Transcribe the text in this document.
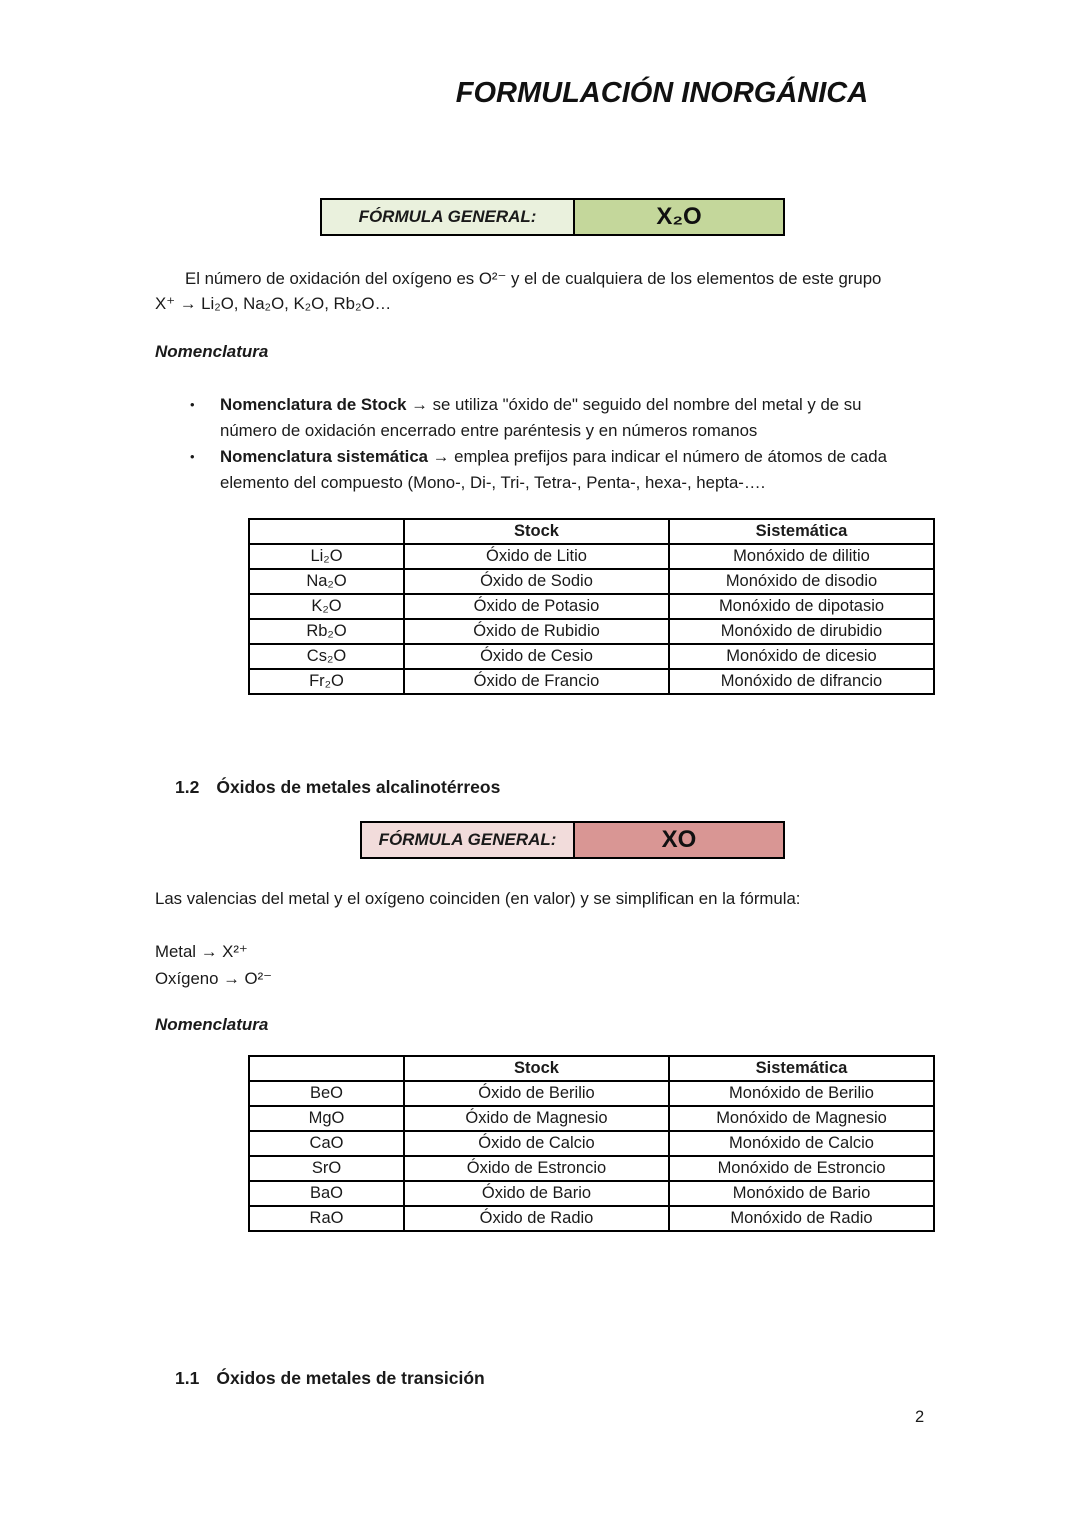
FORMULACIÓN INORGÁNICA
FÓRMULA GENERAL:	X₂O

El número de oxidación del oxígeno es O²⁻ y el de cualquiera de los elementos de este grupo X⁺ → Li₂O, Na₂O, K₂O, Rb₂O…

Nomenclatura
•	Nomenclatura de Stock → se utiliza "óxido de" seguido del nombre del metal y de su número de oxidación encerrado entre paréntesis y en números romanos
•	Nomenclatura sistemática → emplea prefijos para indicar el número de átomos de cada elemento del compuesto (Mono-, Di-, Tri-, Tetra-, Penta-, hexa-, hepta-….
	Stock	Sistemática
Li₂O	Óxido de Litio	Monóxido de dilitio
Na₂O	Óxido de Sodio	Monóxido de disodio
K₂O	Óxido de Potasio	Monóxido de dipotasio
Rb₂O	Óxido de Rubidio	Monóxido de dirubidio
Cs₂O	Óxido de Cesio	Monóxido de dicesio
Fr₂O	Óxido de Francio	Monóxido de difrancio
1.2 Óxidos de metales alcalinotérreos
FÓRMULA GENERAL:	XO

Las valencias del metal y el oxígeno coinciden (en valor) y se simplifican en la fórmula:

Metal → X²⁺
Oxígeno → O²⁻
Nomenclatura
	Stock	Sistemática
BeO	Óxido de Berilio	Monóxido de Berilio
MgO	Óxido de Magnesio	Monóxido de Magnesio
CaO	Óxido de Calcio	Monóxido de Calcio
SrO	Óxido de Estroncio	Monóxido de Estroncio
BaO	Óxido de Bario	Monóxido de Bario
RaO	Óxido de Radio	Monóxido de Radio
1.1 Óxidos de metales de transición
2
